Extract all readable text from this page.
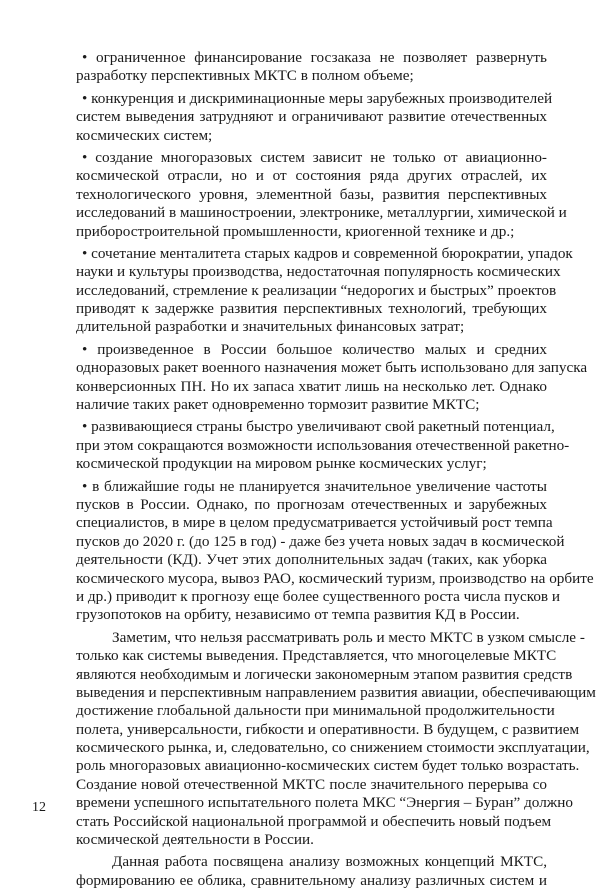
• ограниченное финансирование госзаказа не позволяет развернуть
разработку перспективных МКТС в полном объеме;
• конкуренция и дискриминационные меры зарубежных производителей
систем выведения затрудняют и ограничивают развитие отечественных
космических систем;
• создание многоразовых систем зависит не только от авиационно-
космической отрасли, но и от состояния ряда других отраслей, их
технологического уровня, элементной базы, развития перспективных
исследований в машиностроении, электронике, металлургии, химической и
приборостроительной промышленности, криогенной технике и др.;
• сочетание менталитета старых кадров и современной бюрократии, упадок
науки и культуры производства, недостаточная популярность космических
исследований, стремление к реализации “недорогих и быстрых” проектов
приводят к задержке развития перспективных технологий, требующих
длительной разработки и значительных финансовых затрат;
• произведенное в России большое количество малых и средних
одноразовых ракет военного назначения может быть использовано для запуска
конверсионных ПН. Но их запаса хватит лишь на несколько лет. Однако
наличие таких ракет одновременно тормозит развитие МКТС;
• развивающиеся страны быстро увеличивают свой ракетный потенциал,
при этом сокращаются возможности использования отечественной ракетно-
космической продукции на мировом рынке космических услуг;
• в ближайшие годы не планируется значительное увеличение частоты
пусков в России. Однако, по прогнозам отечественных и зарубежных
специалистов, в мире в целом предусматривается устойчивый рост темпа
пусков до 2020 г. (до 125 в год) - даже без учета новых задач в космической
деятельности (КД). Учет этих дополнительных задач (таких, как уборка
космического мусора, вывоз РАО, космический туризм, производство на орбите
и др.) приводит к прогнозу еще более существенного роста числа пусков и
грузопотоков на орбиту, независимо от темпа развития КД в России.
Заметим, что нельзя рассматривать роль и место МКТС в узком смысле -
только как системы выведения. Представляется, что многоцелевые МКТС
являются необходимым и логически закономерным этапом развития средств
выведения и перспективным направлением развития авиации, обеспечивающим
достижение глобальной дальности при минимальной продолжительности
полета, универсальности, гибкости и оперативности. В будущем, с развитием
космического рынка, и, следовательно, со снижением стоимости эксплуатации,
роль многоразовых авиационно-космических систем будет только возрастать.
Создание новой отечественной МКТС после значительного перерыва со
времени успешного испытательного полета МКС “Энергия – Буран” должно
стать Российской национальной программой и обеспечить новый подъем
космической деятельности в России.
Данная работа посвящена анализу возможных концепций МКТС,
формированию ее облика, сравнительному анализу различных систем и
12
